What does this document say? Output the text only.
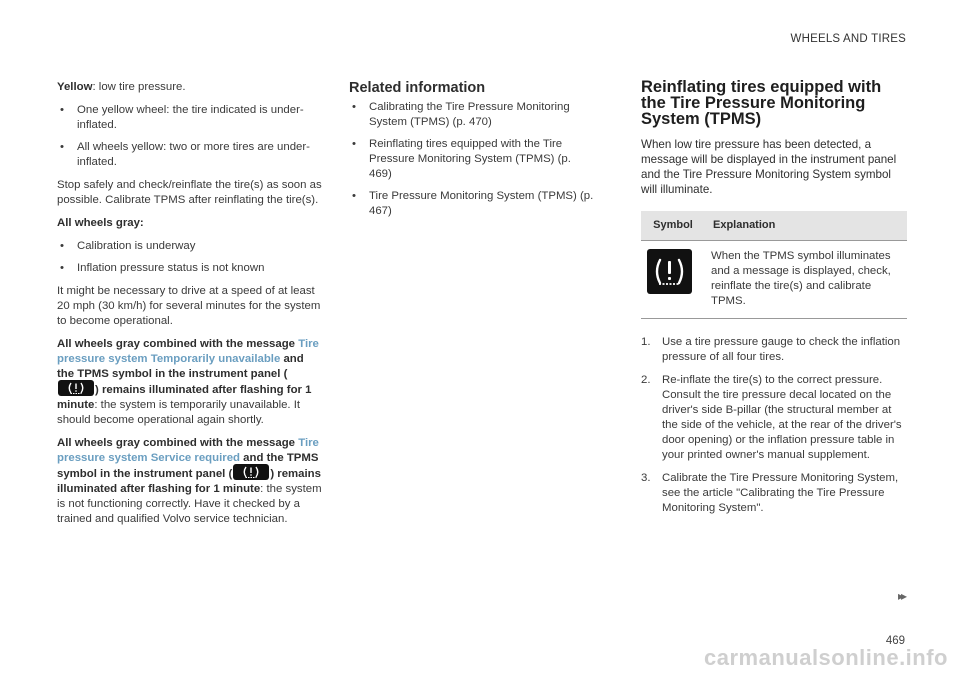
WHEELS AND TIRES

Yellow: low tire pressure.

• One yellow wheel: the tire indicated is under-inflated.
• All wheels yellow: two or more tires are under-inflated.

Stop safely and check/reinflate the tire(s) as soon as possible. Calibrate TPMS after reinflating the tire(s).

All wheels gray:

• Calibration is underway
• Inflation pressure status is not known

It might be necessary to drive at a speed of at least 20 mph (30 km/h) for several minutes for the system to become operational.

All wheels gray combined with the message Tire pressure system Temporarily unavailable and the TPMS symbol in the instrument panel (
) remains illuminated after flashing for 1 minute: the system is temporarily unavailable. It should become operational again shortly.

All wheels gray combined with the message Tire pressure system Service required and the TPMS symbol in the instrument panel (	) remains illuminated after flashing for 1 minute: the system is not functioning correctly. Have it checked by a trained and qualified Volvo service technician.

Related information
• Calibrating the Tire Pressure Monitoring System (TPMS) (p. 470)
• Reinflating tires equipped with the Tire Pressure Monitoring System (TPMS) (p. 469)
• Tire Pressure Monitoring System (TPMS) (p. 467)
Reinflating tires equipped with the Tire Pressure Monitoring System (TPMS)

When low tire pressure has been detected, a message will be displayed in the instrument panel and the Tire Pressure Monitoring System symbol will illuminate.

Symbol	Explanation

	When the TPMS symbol illuminates and a message is displayed, check, reinflate the tire(s) and calibrate TPMS.
1. Use a tire pressure gauge to check the inflation pressure of all four tires.
2. Re-inflate the tire(s) to the correct pressure. Consult the tire pressure decal located on the driver's side B-pillar (the structural member at the side of the vehicle, at the rear of the driver's door opening) or the inflation pressure table in your printed owner's manual supplement.
3. Calibrate the Tire Pressure Monitoring System, see the article "Calibrating the Tire Pressure Monitoring System".
▸▸
469
carmanualsonline.info
